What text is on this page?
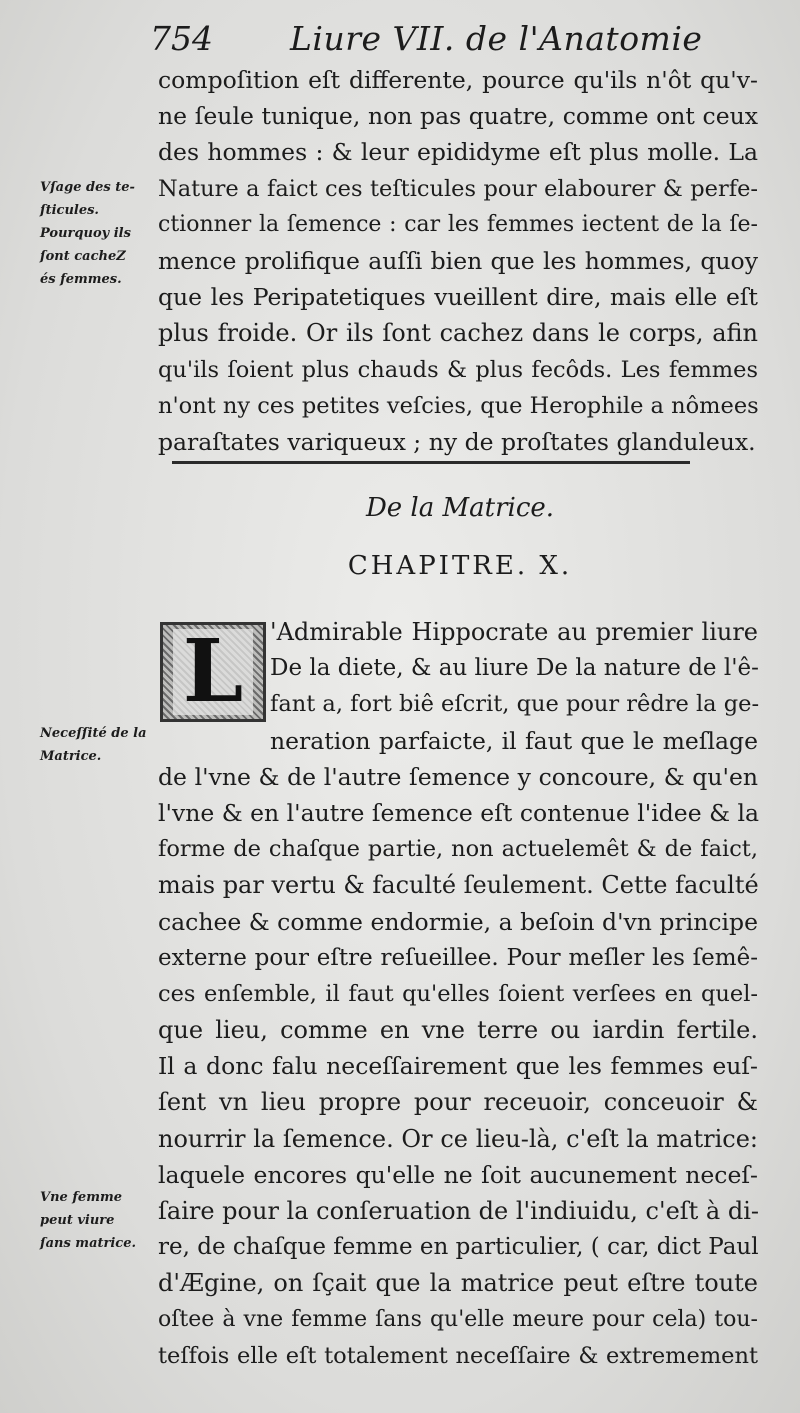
754 Liure VII. de l'Anatomie
compoſition eſt differente, pource qu'ils n'ôt qu'v-
ne ſeule tunique, non pas quatre, comme ont ceux
des hommes : & leur epididyme eſt plus molle. La
Nature a faict ces teſticules pour elabourer & perfe-
ctionner la ſemence : car les femmes iectent de la ſe-
mence prolifique auſſi bien que les hommes, quoy
que les Peripatetiques vueillent dire, mais elle eſt
plus froide. Or ils ſont cachez dans le corps, afin
qu'ils ſoient plus chauds & plus fecôds. Les femmes
n'ont ny ces petites veſcies, que Herophile a nômees
paraſtates variqueux ; ny de proſtates glanduleux.
Vſage des te-
ſticules.
Pourquoy ils
ſont cacheZ
és femmes.
De la Matrice.
CHAPITRE. X.
L	'Admirable Hippocrate au premier liure
De la diete, & au liure De la nature de l'ê-
fant a, fort biê eſcrit, que pour rêdre la ge-
neration parfaicte, il faut que le meſlage
de l'vne & de l'autre ſemence y concoure, & qu'en
l'vne & en l'autre ſemence eſt contenue l'idee & la
forme de chaſque partie, non actuelemêt & de faict,
mais par vertu & faculté ſeulement. Cette faculté
cachee & comme endormie, a beſoin d'vn principe
externe pour eſtre reſueillee. Pour meſler les ſemê-
ces enſemble, il faut qu'elles ſoient verſees en quel-
que lieu, comme en vne terre ou iardin fertile.
Il a donc falu neceſſairement que les femmes euſ-
ſent vn lieu propre pour receuoir, conceuoir &
nourrir la ſemence. Or ce lieu-là, c'eſt la matrice:
laquele encores qu'elle ne ſoit aucunement neceſ-
ſaire pour la conſeruation de l'indiuidu, c'eſt à di-
re, de chaſque femme en particulier, ( car, dict Paul
d'Ægine, on ſçait que la matrice peut eſtre toute
oſtee à vne femme ſans qu'elle meure pour cela) tou-
teſfois elle eſt totalement neceſſaire & extremement
Neceſſité de la
Matrice.
Vne femme
peut viure
ſans matrice.
